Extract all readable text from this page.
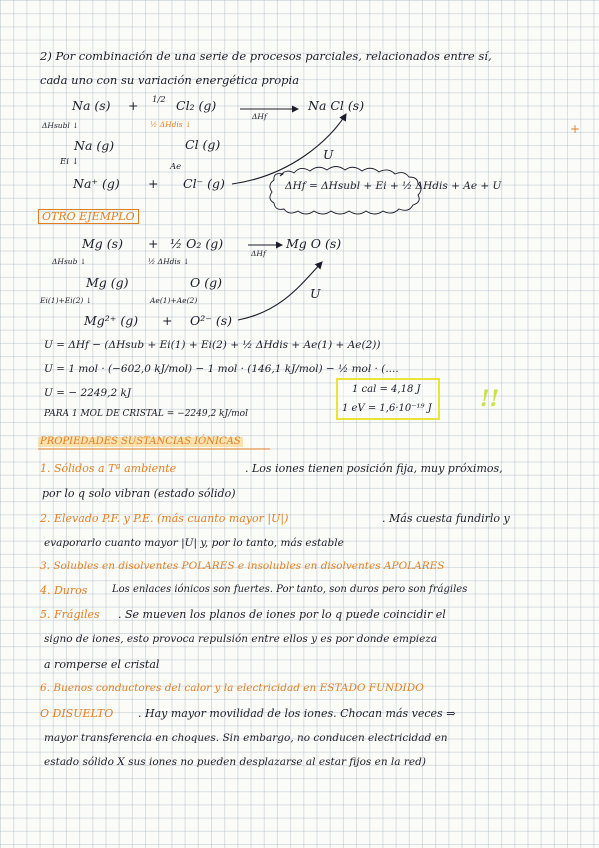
2) Por combinación de una serie de procesos parciales, relacionados entre sí,
cada uno con su variación energética propia
Na (s) + 1/2 Cl₂ (g)
ΔHf
Na Cl (s)
ΔHsubl ↓	½ ΔHdis ↓
Na (g)	Cl (g)
Ei ↓	Ae
Na⁺ (g) + Cl⁻ (g)
U
ΔHf = ΔHsubl + Ei + ½ ΔHdis + Ae + U
+
OTRO EJEMPLO
Mg (s) + ½ O₂ (g)
ΔHf
Mg O (s)
ΔHsub ↓	½ ΔHdis ↓
Mg (g)	O (g)
Ei(1)+Ei(2) ↓	Ae(1)+Ae(2)
Mg²⁺ (g) + O²⁻ (s)
U
U = ΔHf − (ΔHsub + Ei(1) + Ei(2) + ½ ΔHdis + Ae(1) + Ae(2))
U = 1 mol · (−602,0 kJ/mol) − 1 mol · (146,1 kJ/mol) − ½ mol · (....
U = − 2249,2 kJ
PARA 1 MOL DE CRISTAL = −2249,2 kJ/mol
1 cal = 4,18 J
1 eV = 1,6·10⁻¹⁹ J !!
PROPIEDADES SUSTANCIAS IÓNICAS
1. Sólidos a Tª ambiente	. Los iones tienen posición fija, muy próximos,
por lo q solo vibran (estado sólido)
2. Elevado P.F. y P.E. (más cuanto mayor |U|)	. Más cuesta fundirlo y
evaporarlo cuanto mayor |U| y, por lo tanto, más estable
3. Solubles en disolventes POLARES e insolubles en disolventes APOLARES
4. Duros Los enlaces iónicos son fuertes. Por tanto, son duros pero son frágiles
5. Frágiles . Se mueven los planos de iones por lo q puede coincidir el
signo de iones, esto provoca repulsión entre ellos y es por donde empieza
a romperse el cristal
6. Buenos conductores del calor y la electricidad en ESTADO FUNDIDO
O DISUELTO . Hay mayor movilidad de los iones. Chocan más veces ⇒
mayor transferencia en choques. Sin embargo, no conducen electricidad en
estado sólido X sus iones no pueden desplazarse al estar fijos en la red)
